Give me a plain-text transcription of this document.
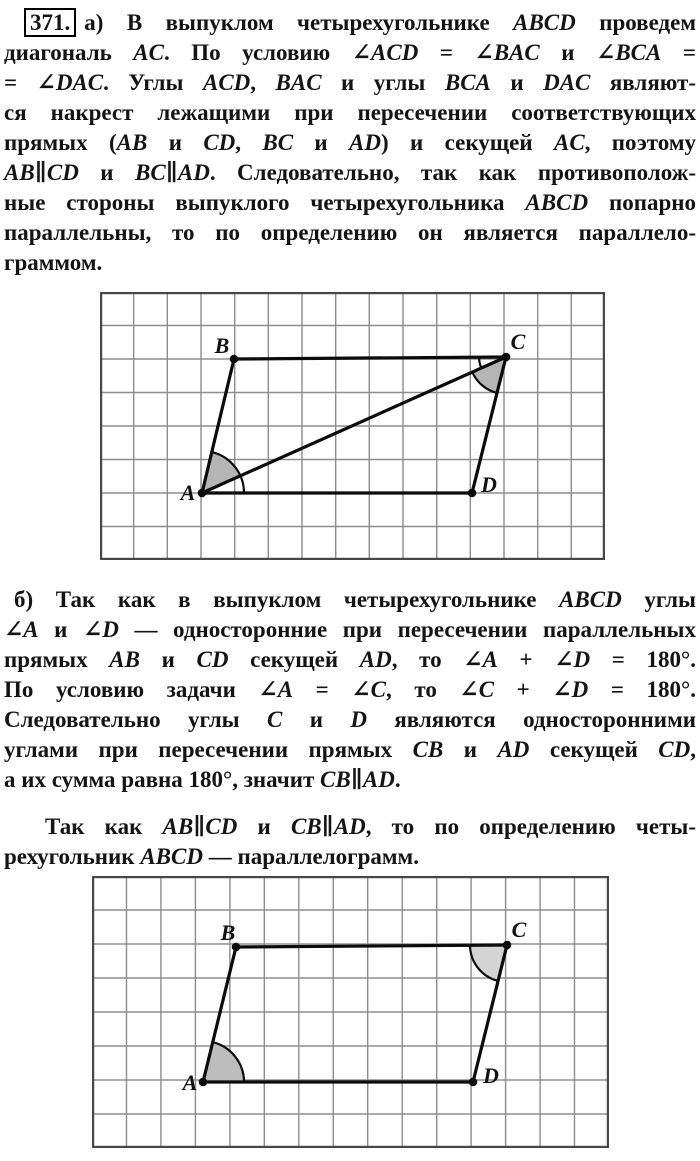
371. а) В выпуклом четырехугольнике ABCD проведем
диагональ AC. По условию ∠ACD = ∠BAC и ∠BCA =
= ∠DAC. Углы ACD, BAC и углы BCA и DAC являют-
ся накрест лежащими при пересечении соответствующих
прямых (AB и CD, BC и AD) и секущей AC, поэтому
AB∥CD и BC∥AD. Следовательно, так как противополож-
ные стороны выпуклого четырехугольника ABCD попарно
параллельны, то по определению он является параллело-
граммом.
A
B	C
D
б) Так как в выпуклом четырехугольнике ABCD углы
∠A и ∠D — односторонние при пересечении параллельных
прямых AB и CD секущей AD, то ∠A + ∠D = 180°.
По условию задачи ∠A = ∠C, то ∠C + ∠D = 180°.
Следовательно углы C и D являются односторонними
углами при пересечении прямых CB и AD секущей CD,
а их сумма равна 180°, значит CB∥AD.
Так как AB∥CD и CB∥AD, то по определению четы-
рехугольник ABCD — параллелограмм.
A
B	C
D
